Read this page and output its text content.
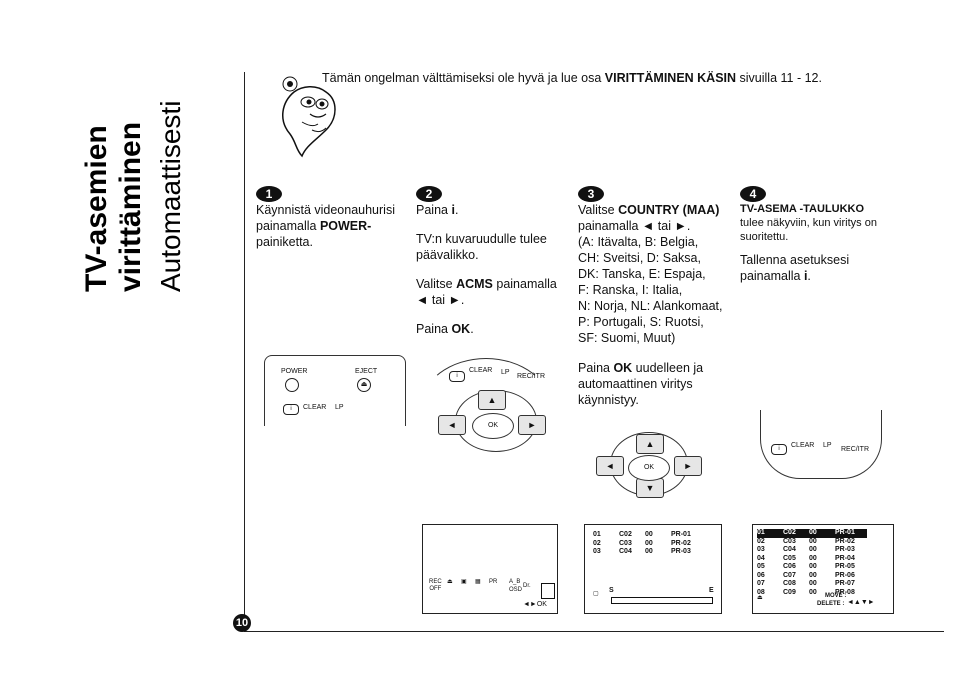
TV-asemien virittäminen Automaattisesti
10
Tämän ongelman välttämiseksi ole hyvä ja lue osa VIRITTÄMINEN KÄSIN sivuilla 11 - 12.
1

Käynnistä videonauhurisi

painamalla POWER-

painiketta.

2

Paina i.

TV:n kuvaruudulle tulee

päävalikko.

Valitse ACMS painamalla

◄ tai ►.

Paina OK.

3

Valitse COUNTRY (MAA)

painamalla ◄ tai ►.

(A: Itävalta, B: Belgia,

CH: Sveitsi, D: Saksa,

DK: Tanska, E: Espaja,

F: Ranska, I: Italia,

N: Norja, NL: Alankomaat,

P: Portugali, S: Ruotsi,

SF: Suomi, Muut)

Paina OK uudelleen ja

automaattinen viritys

käynnistyy.

4

TV-ASEMA -TAULUKKO

tulee näkyviin, kun viritys on

suoritettu.

Tallenna asetuksesi

painamalla i.

POWER	EJECT
⏏
i	CLEAR LP
i
CLEAR LP
REC/ITR
▲
◄	►
OK
i	CLEAR LP
REC/ITR
▲
▼
◄	►
OK
REC
OFF
⏏ ▣ ▦ PR A_B
OSD
Dr.
◄►OK
01	C02	00	PR-01
02	C03	00	PR-02
03	C04	00	PR-03
S	E
▢
01	C02	00	PR-01
02	C03	00	PR-02
03	C04	00	PR-03
04	C05	00	PR-04
05	C06	00	PR-05
06	C07	00	PR-06
07	C08	00	PR-07
08	C09	00	PR-08
⏏	MOVE :
DELETE : ◄▲▼►
